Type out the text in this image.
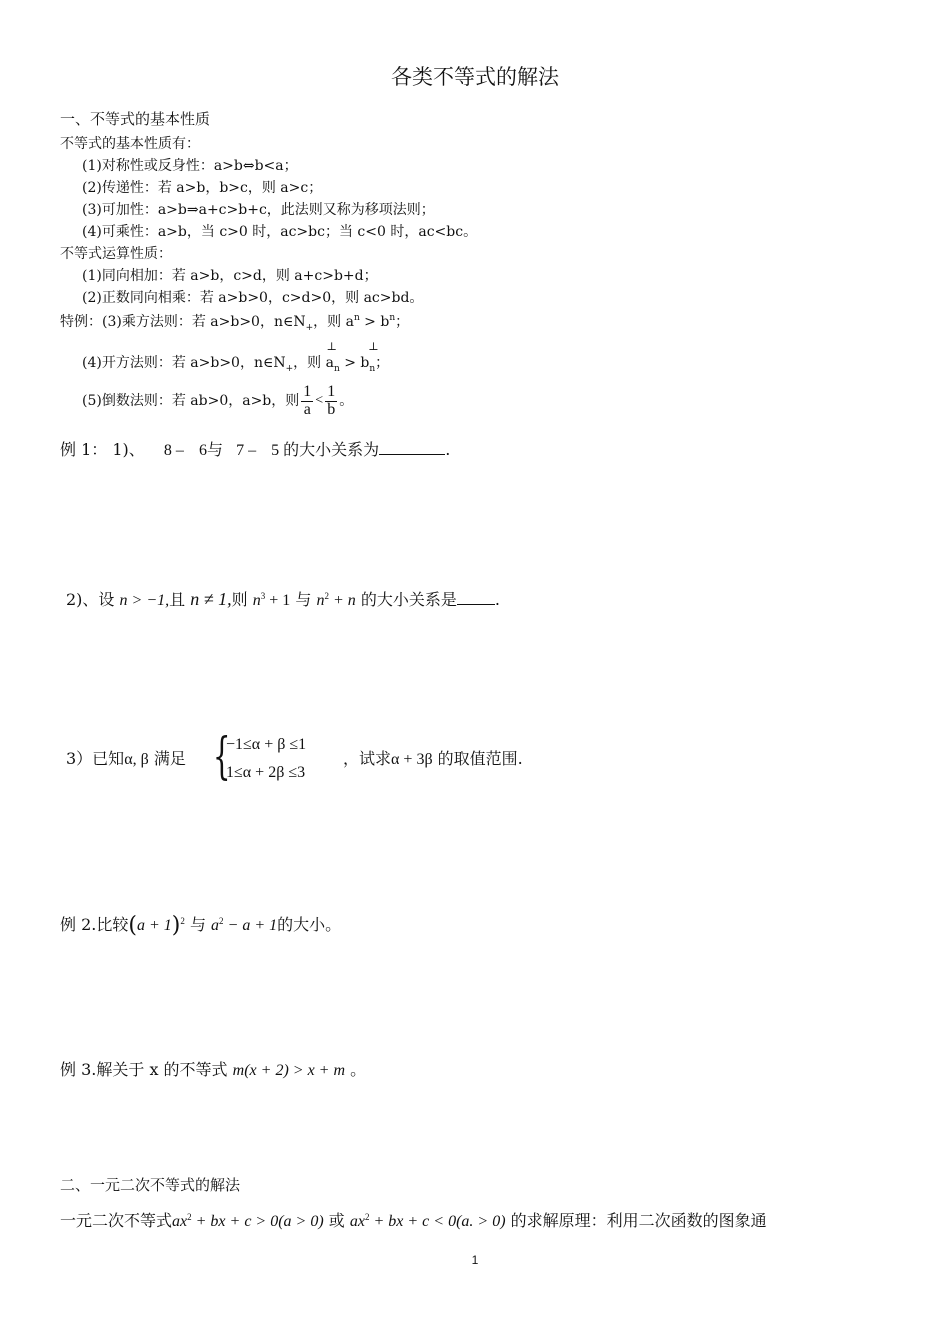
各类不等式的解法
一、不等式的基本性质
不等式的基本性质有：
(1)对称性或反身性：a>b⇔b<a；
(2)传递性：若 a>b，b>c，则 a>c；
(3)可加性：a>b⇒a+c>b+c，此法则又称为移项法则；
(4)可乘性：a>b，当 c>0 时，ac>bc；当 c<0 时，ac<bc。
不等式运算性质：
(1)同向相加：若 a>b，c>d，则 a+c>b+d；
(2)正数同向相乘：若 a>b>0，c>d>0，则 ac>bd。
特例：(3)乘方法则：若 a>b>0，$n\in N_+$，则 $a^n > b^n$；
(4)开方法则：若 a>b>0，$n\in N_+$，则 a
⊥
$_n$ > b
⊥
$_n$；
(5)倒数法则：若 ab>0，a>b，则 $\frac{1}{a} < \frac{1}{b}$ 。
例 1： 1)、 8 – 6与 7 – 5 的大小关系为	.
2)、设 n > −1,且 n ≠ 1,则 $n^3 + 1$ 与 $n^2 + n$ 的大小关系是 .
3）已知α, β 满足 {
−1≤α + β ≤1
1≤α + 2β ≤3
，试求α + 3β 的取值范围.
例 2.比较$(a + 1)^2$ 与 $a^2 - a + 1$的大小。
例 3.解关于 x 的不等式 m(x + 2) > x + m 。
二、一元二次不等式的解法
一元二次不等式$ax^2$ + bx + c > 0(a > 0) 或 $ax^2$ + bx + c < 0(a. > 0) 的求解原理：利用二次函数的图象通
1
